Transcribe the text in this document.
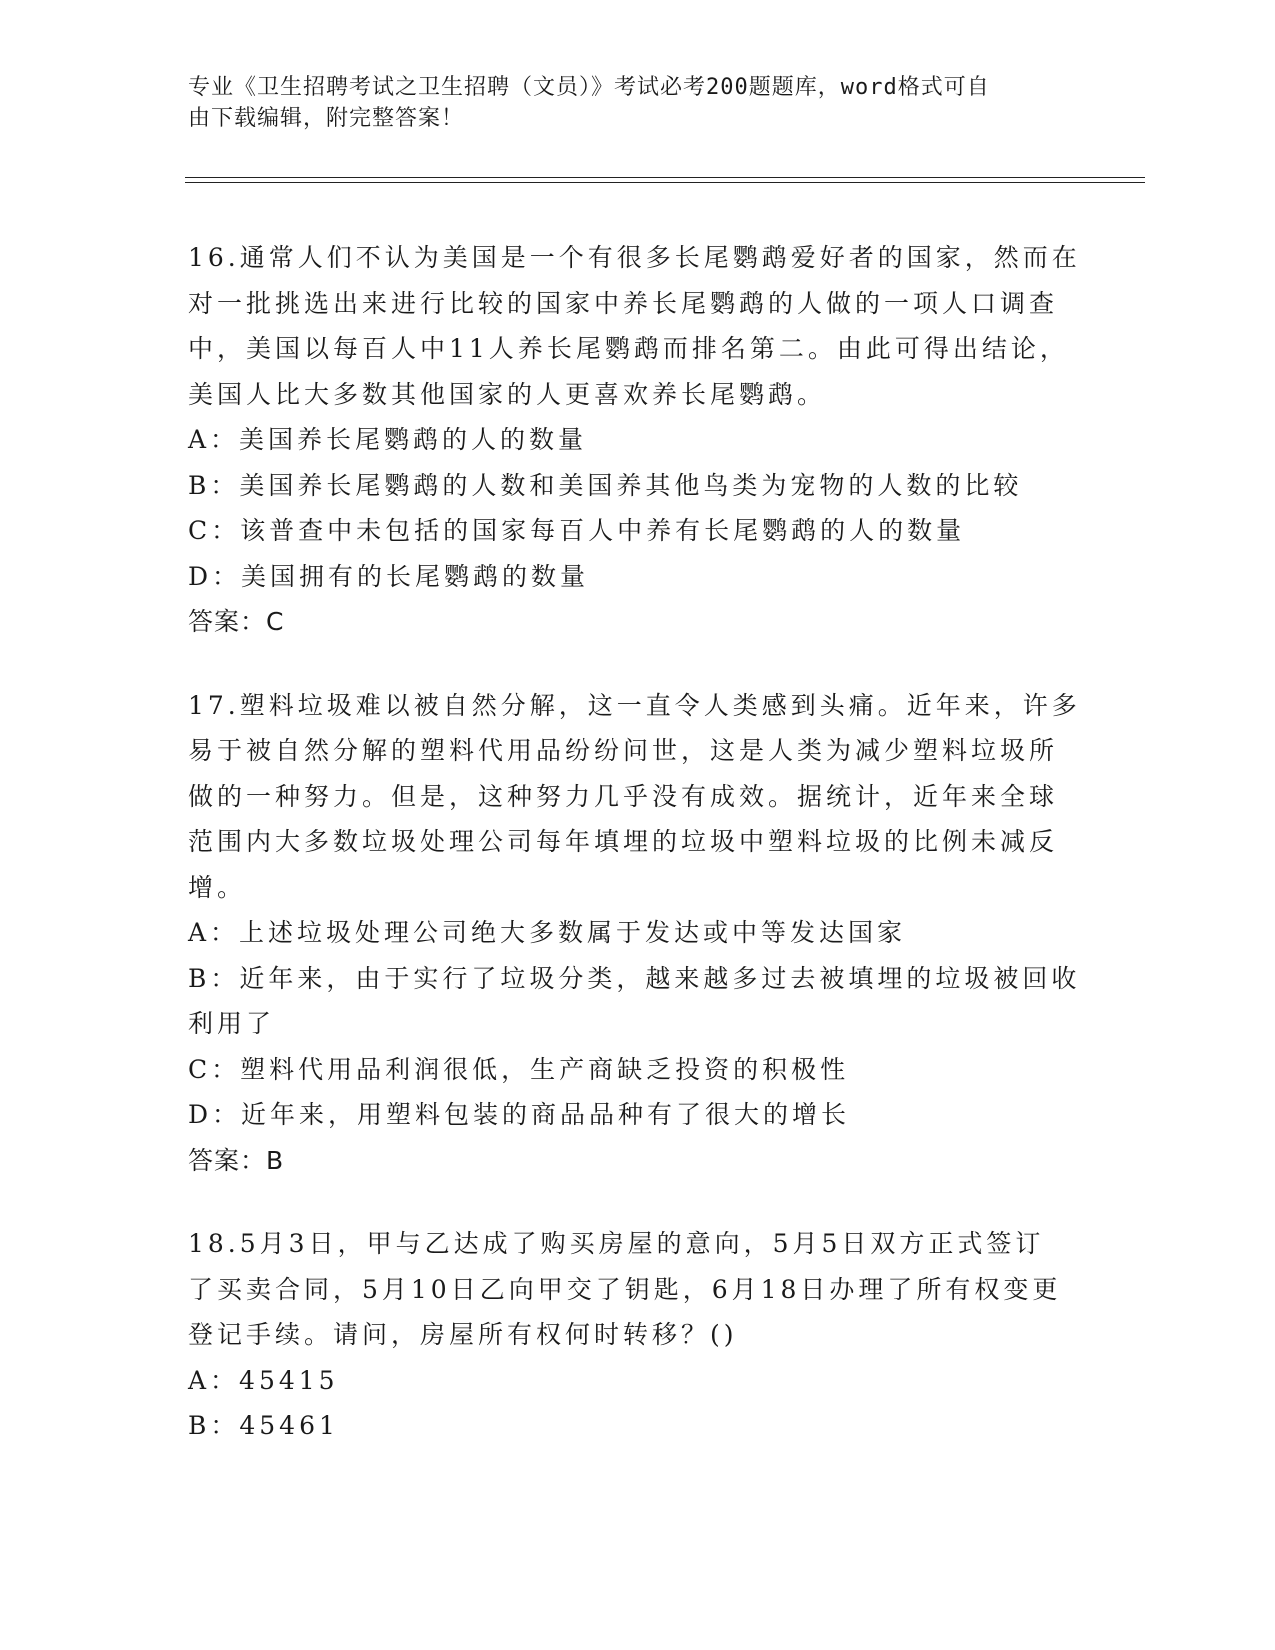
专业《卫生招聘考试之卫生招聘（文员）》考试必考200题题库，word格式可自
由下载编辑，附完整答案！
16.通常人们不认为美国是一个有很多长尾鹦鹉爱好者的国家，然而在
对一批挑选出来进行比较的国家中养长尾鹦鹉的人做的一项人口调查
中，美国以每百人中11人养长尾鹦鹉而排名第二。由此可得出结论，
美国人比大多数其他国家的人更喜欢养长尾鹦鹉。
A：美国养长尾鹦鹉的人的数量
B：美国养长尾鹦鹉的人数和美国养其他鸟类为宠物的人数的比较
C：该普查中未包括的国家每百人中养有长尾鹦鹉的人的数量
D：美国拥有的长尾鹦鹉的数量
答案：C
17.塑料垃圾难以被自然分解，这一直令人类感到头痛。近年来，许多
易于被自然分解的塑料代用品纷纷问世，这是人类为减少塑料垃圾所
做的一种努力。但是，这种努力几乎没有成效。据统计，近年来全球
范围内大多数垃圾处理公司每年填埋的垃圾中塑料垃圾的比例未减反
增。
A：上述垃圾处理公司绝大多数属于发达或中等发达国家
B：近年来，由于实行了垃圾分类，越来越多过去被填埋的垃圾被回收
利用了
C：塑料代用品利润很低，生产商缺乏投资的积极性
D：近年来，用塑料包装的商品品种有了很大的增长
答案：B
18.5月3日，甲与乙达成了购买房屋的意向，5月5日双方正式签订
了买卖合同，5月10日乙向甲交了钥匙，6月18日办理了所有权变更
登记手续。请问，房屋所有权何时转移？()
A：45415
B：45461
